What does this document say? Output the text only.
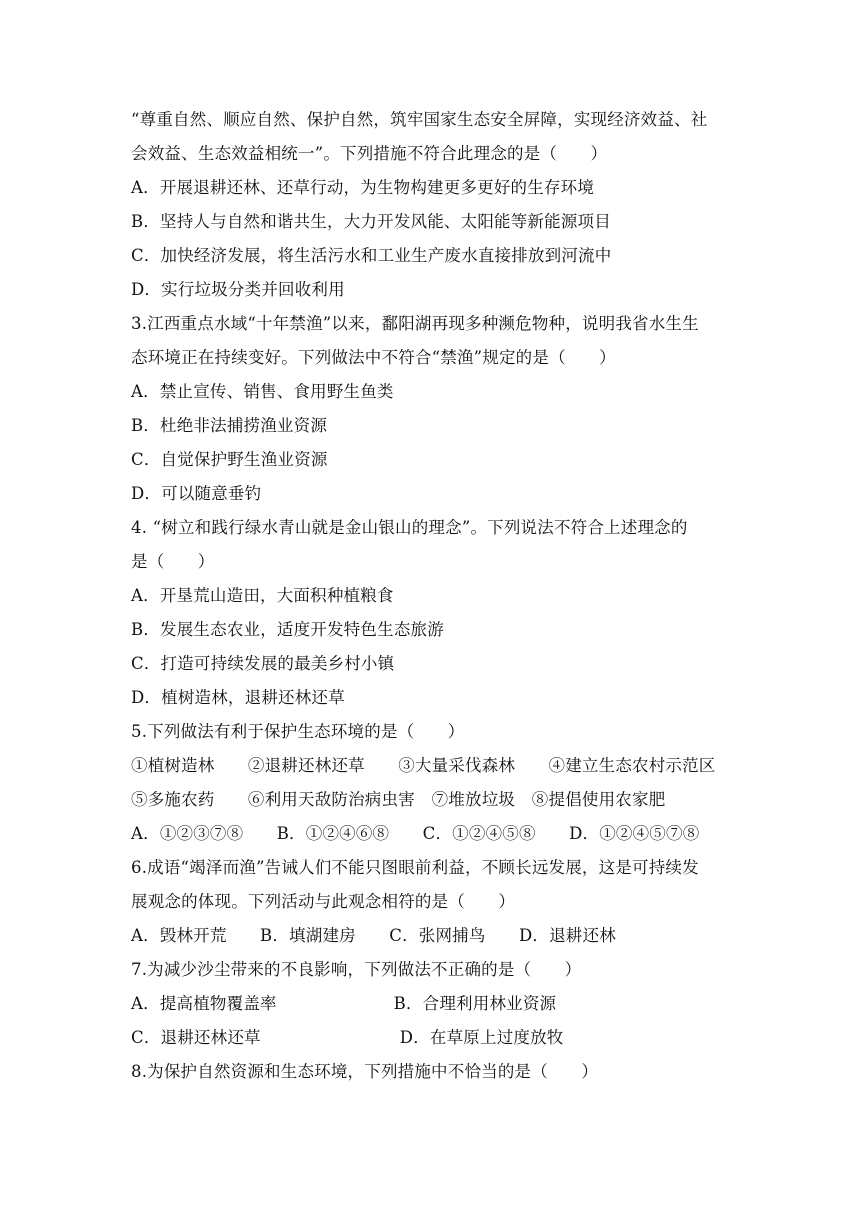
“尊重自然、顺应自然、保护自然，筑牢国家生态安全屏障，实现经济效益、社
会效益、生态效益相统一”。下列措施不符合此理念的是（　　）
A．开展退耕还林、还草行动，为生物构建更多更好的生存环境
B．坚持人与自然和谐共生，大力开发风能、太阳能等新能源项目
C．加快经济发展，将生活污水和工业生产废水直接排放到河流中
D．实行垃圾分类并回收利用
3.江西重点水域“十年禁渔”以来，鄱阳湖再现多种濒危物种，说明我省水生生
态环境正在持续变好。下列做法中不符合“禁渔”规定的是（　　）
A．禁止宣传、销售、食用野生鱼类
B．杜绝非法捕捞渔业资源
C．自觉保护野生渔业资源
D．可以随意垂钓
4. “树立和践行绿水青山就是金山银山的理念”。下列说法不符合上述理念的
是（　　）
A．开垦荒山造田，大面积种植粮食
B．发展生态农业，适度开发特色生态旅游
C．打造可持续发展的最美乡村小镇
D．植树造林，退耕还林还草
5.下列做法有利于保护生态环境的是（　　）
①植树造林　　②退耕还林还草　　③大量采伐森林　　④建立生态农村示范区
⑤多施农药　　⑥利用天敌防治病虫害　⑦堆放垃圾　⑧提倡使用农家肥
A．①②③⑦⑧　　B．①②④⑥⑧　　C．①②④⑤⑧　　D．①②④⑤⑦⑧
6.成语“竭泽而渔”告诫人们不能只图眼前利益，不顾长远发展，这是可持续发
展观念的体现。下列活动与此观念相符的是（　　）
A．毁林开荒　　B．填湖建房　　C．张网捕鸟　　D．退耕还林
7.为减少沙尘带来的不良影响，下列做法不正确的是（　　）
A．提高植物覆盖率　　　　　　　B．合理利用林业资源
C．退耕还林还草　　　　　　　　 D．在草原上过度放牧
8.为保护自然资源和生态环境，下列措施中不恰当的是（　　）
